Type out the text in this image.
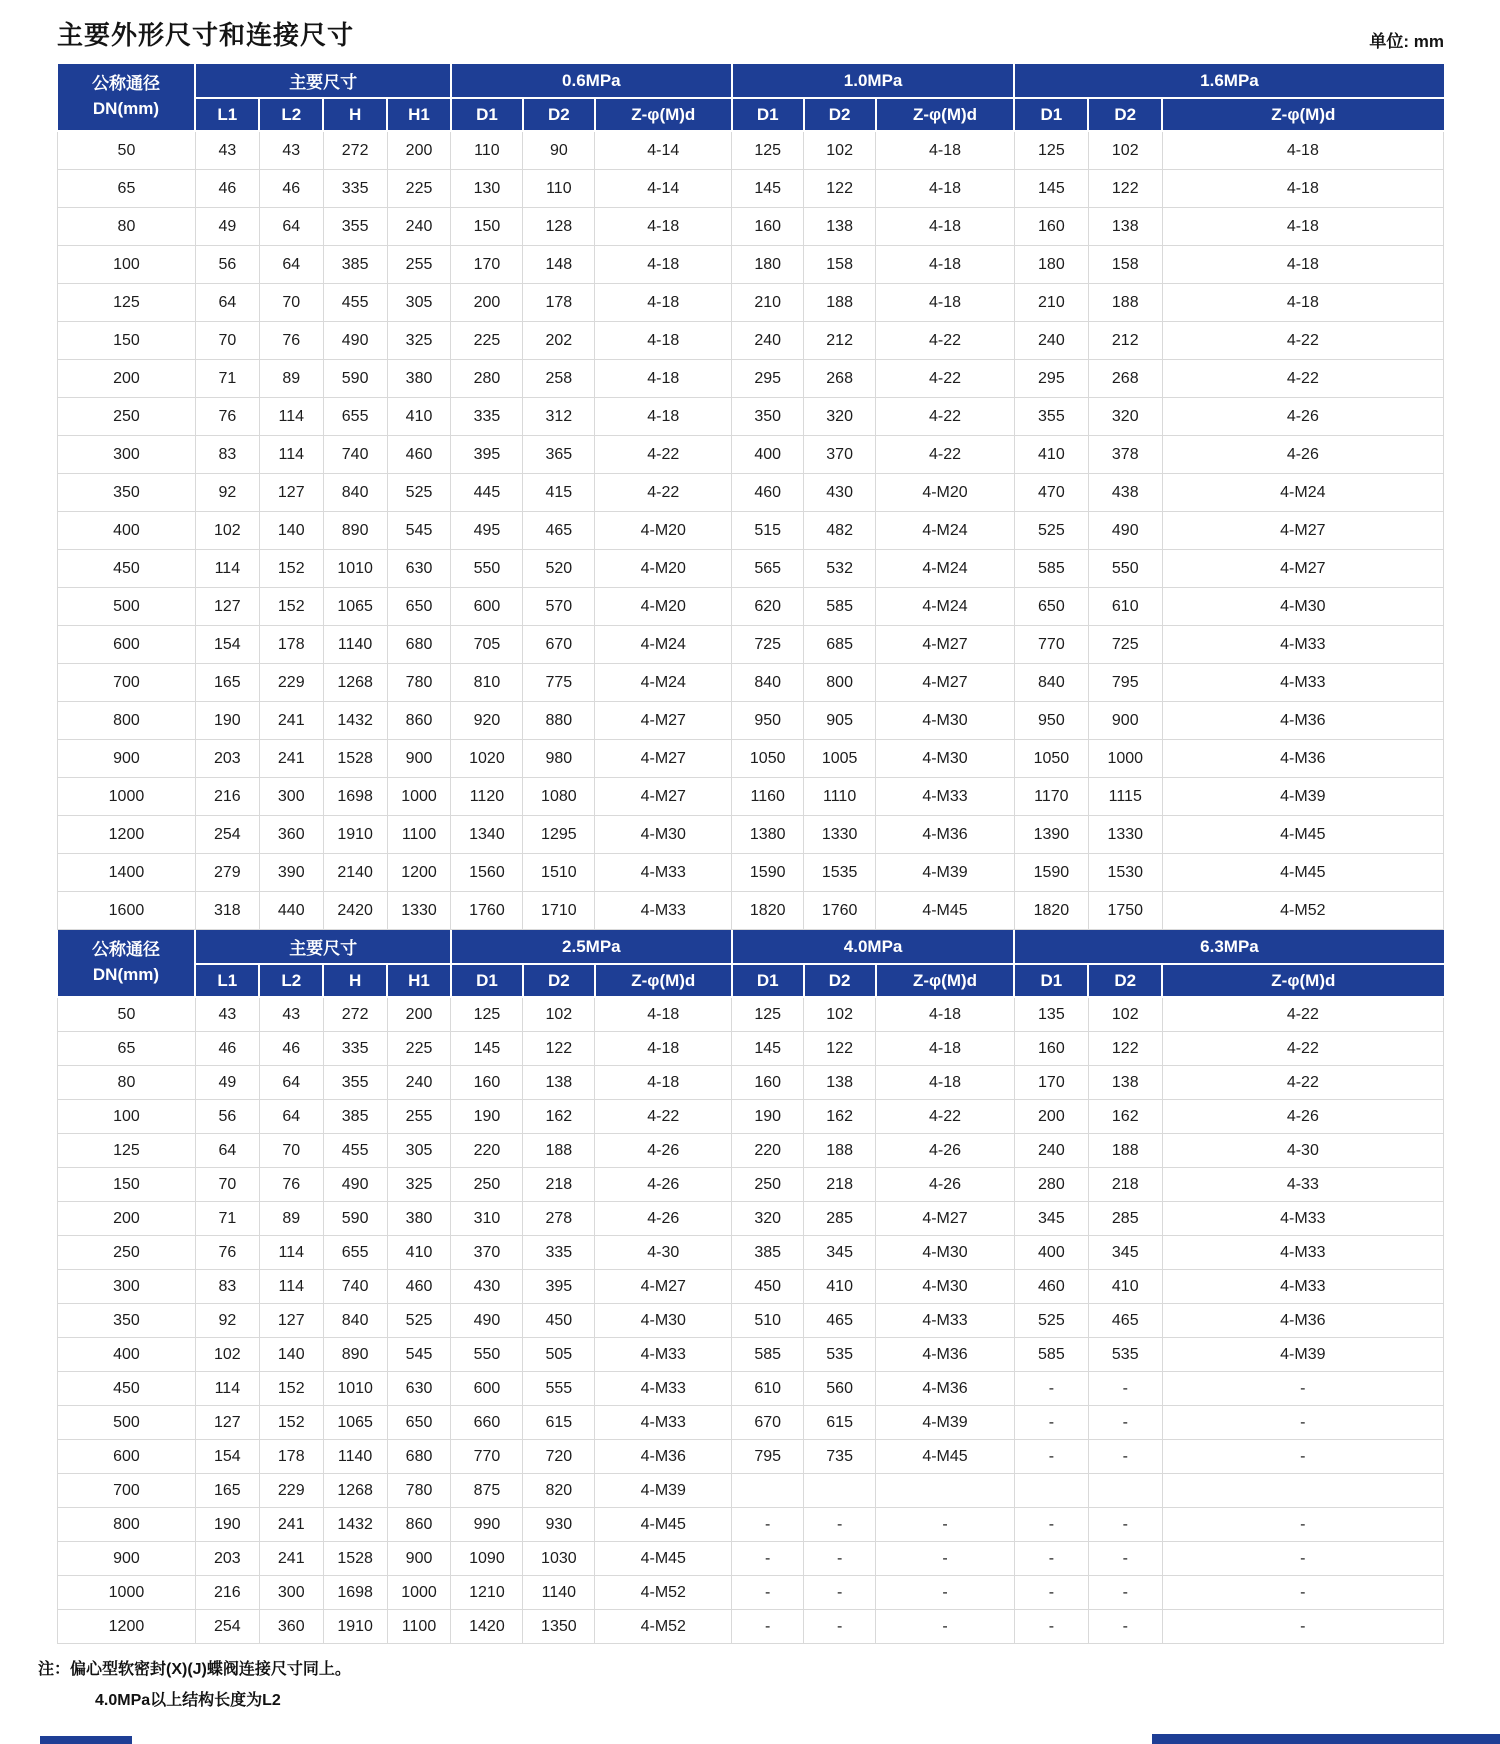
主要外形尺寸和连接尺寸	单位: mm
公称通径
DN(mm)	主要尺寸				0.6MPa			1.0MPa			1.6MPa		
	L1	L2	H	H1	D1	D2	Z-φ(M)d	D1	D2	Z-φ(M)d	D1	D2	Z-φ(M)d
50	43	43	272	200	110	90	4-14	125	102	4-18	125	102	4-18
65	46	46	335	225	130	110	4-14	145	122	4-18	145	122	4-18
80	49	64	355	240	150	128	4-18	160	138	4-18	160	138	4-18
100	56	64	385	255	170	148	4-18	180	158	4-18	180	158	4-18
125	64	70	455	305	200	178	4-18	210	188	4-18	210	188	4-18
150	70	76	490	325	225	202	4-18	240	212	4-22	240	212	4-22
200	71	89	590	380	280	258	4-18	295	268	4-22	295	268	4-22
250	76	114	655	410	335	312	4-18	350	320	4-22	355	320	4-26
300	83	114	740	460	395	365	4-22	400	370	4-22	410	378	4-26
350	92	127	840	525	445	415	4-22	460	430	4-M20	470	438	4-M24
400	102	140	890	545	495	465	4-M20	515	482	4-M24	525	490	4-M27
450	114	152	1010	630	550	520	4-M20	565	532	4-M24	585	550	4-M27
500	127	152	1065	650	600	570	4-M20	620	585	4-M24	650	610	4-M30
600	154	178	1140	680	705	670	4-M24	725	685	4-M27	770	725	4-M33
700	165	229	1268	780	810	775	4-M24	840	800	4-M27	840	795	4-M33
800	190	241	1432	860	920	880	4-M27	950	905	4-M30	950	900	4-M36
900	203	241	1528	900	1020	980	4-M27	1050	1005	4-M30	1050	1000	4-M36
1000	216	300	1698	1000	1120	1080	4-M27	1160	1110	4-M33	1170	1115	4-M39
1200	254	360	1910	1100	1340	1295	4-M30	1380	1330	4-M36	1390	1330	4-M45
1400	279	390	2140	1200	1560	1510	4-M33	1590	1535	4-M39	1590	1530	4-M45
1600	318	440	2420	1330	1760	1710	4-M33	1820	1760	4-M45	1820	1750	4-M52
公称通径
DN(mm)	主要尺寸				2.5MPa			4.0MPa			6.3MPa		
	L1	L2	H	H1	D1	D2	Z-φ(M)d	D1	D2	Z-φ(M)d	D1	D2	Z-φ(M)d
50	43	43	272	200	125	102	4-18	125	102	4-18	135	102	4-22
65	46	46	335	225	145	122	4-18	145	122	4-18	160	122	4-22
80	49	64	355	240	160	138	4-18	160	138	4-18	170	138	4-22
100	56	64	385	255	190	162	4-22	190	162	4-22	200	162	4-26
125	64	70	455	305	220	188	4-26	220	188	4-26	240	188	4-30
150	70	76	490	325	250	218	4-26	250	218	4-26	280	218	4-33
200	71	89	590	380	310	278	4-26	320	285	4-M27	345	285	4-M33
250	76	114	655	410	370	335	4-30	385	345	4-M30	400	345	4-M33
300	83	114	740	460	430	395	4-M27	450	410	4-M30	460	410	4-M33
350	92	127	840	525	490	450	4-M30	510	465	4-M33	525	465	4-M36
400	102	140	890	545	550	505	4-M33	585	535	4-M36	585	535	4-M39
450	114	152	1010	630	600	555	4-M33	610	560	4-M36	-	-	-
500	127	152	1065	650	660	615	4-M33	670	615	4-M39	-	-	-
600	154	178	1140	680	770	720	4-M36	795	735	4-M45	-	-	-
700	165	229	1268	780	875	820	4-M39						
800	190	241	1432	860	990	930	4-M45	-	-	-	-	-	-
900	203	241	1528	900	1090	1030	4-M45	-	-	-	-	-	-
1000	216	300	1698	1000	1210	1140	4-M52	-	-	-	-	-	-
1200	254	360	1910	1100	1420	1350	4-M52	-	-	-	-	-	-
注：偏心型软密封(X)(J)蝶阀连接尺寸同上。
4.0MPa以上结构长度为L2
